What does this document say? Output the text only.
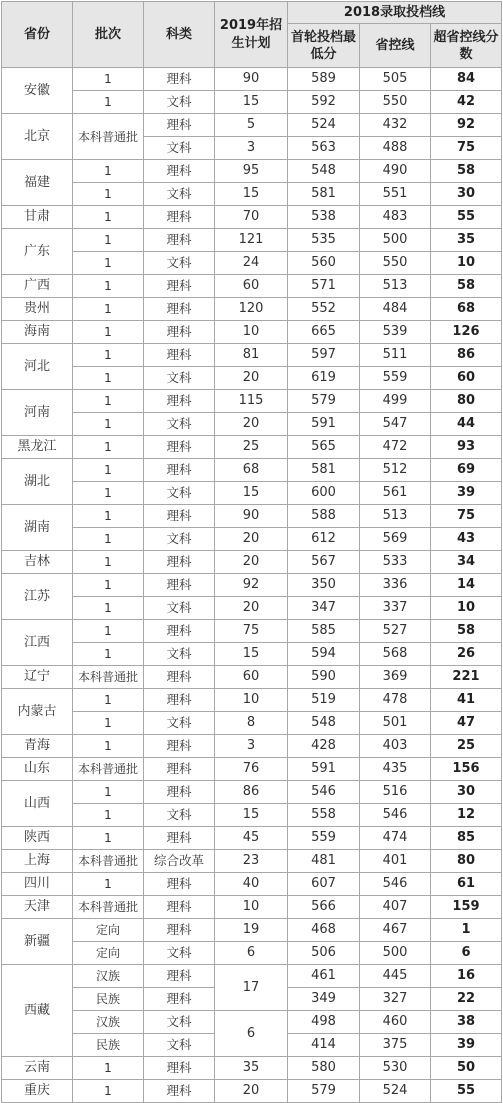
省份	批次	科类	2019年招生计划	2018录取投档线		
				首轮投档最低分	省控线	超省控线分数
安徽	1	理科	90	589	505	84
	1	文科	15	592	550	42
北京	本科普通批	理科	5	524	432	92
		文科	3	563	488	75
福建	1	理科	95	548	490	58
	1	文科	15	581	551	30
甘肃	1	理科	70	538	483	55
广东	1	理科	121	535	500	35
	1	文科	24	560	550	10
广西	1	理科	60	571	513	58
贵州	1	理科	120	552	484	68
海南	1	理科	10	665	539	126
河北	1	理科	81	597	511	86
	1	文科	20	619	559	60
河南	1	理科	115	579	499	80
	1	文科	20	591	547	44
黑龙江	1	理科	25	565	472	93
湖北	1	理科	68	581	512	69
	1	文科	15	600	561	39
湖南	1	理科	90	588	513	75
	1	文科	20	612	569	43
吉林	1	理科	20	567	533	34
江苏	1	理科	92	350	336	14
	1	文科	20	347	337	10
江西	1	理科	75	585	527	58
	1	文科	15	594	568	26
辽宁	本科普通批	理科	60	590	369	221
内蒙古	1	理科	10	519	478	41
	1	文科	8	548	501	47
青海	1	理科	3	428	403	25
山东	本科普通批	理科	76	591	435	156
山西	1	理科	86	546	516	30
	1	文科	15	558	546	12
陕西	1	理科	45	559	474	85
上海	本科普通批	综合改革	23	481	401	80
四川	1	理科	40	607	546	61
天津	本科普通批	理科	10	566	407	159
新疆	定向	理科	19	468	467	1
	定向	文科	6	506	500	6
西藏	汉族	理科	17	461	445	16
	民族	理科		349	327	22
	汉族	文科	6	498	460	38
	民族	文科		414	375	39
云南	1	理科	35	580	530	50
重庆	1	理科	20	579	524	55
